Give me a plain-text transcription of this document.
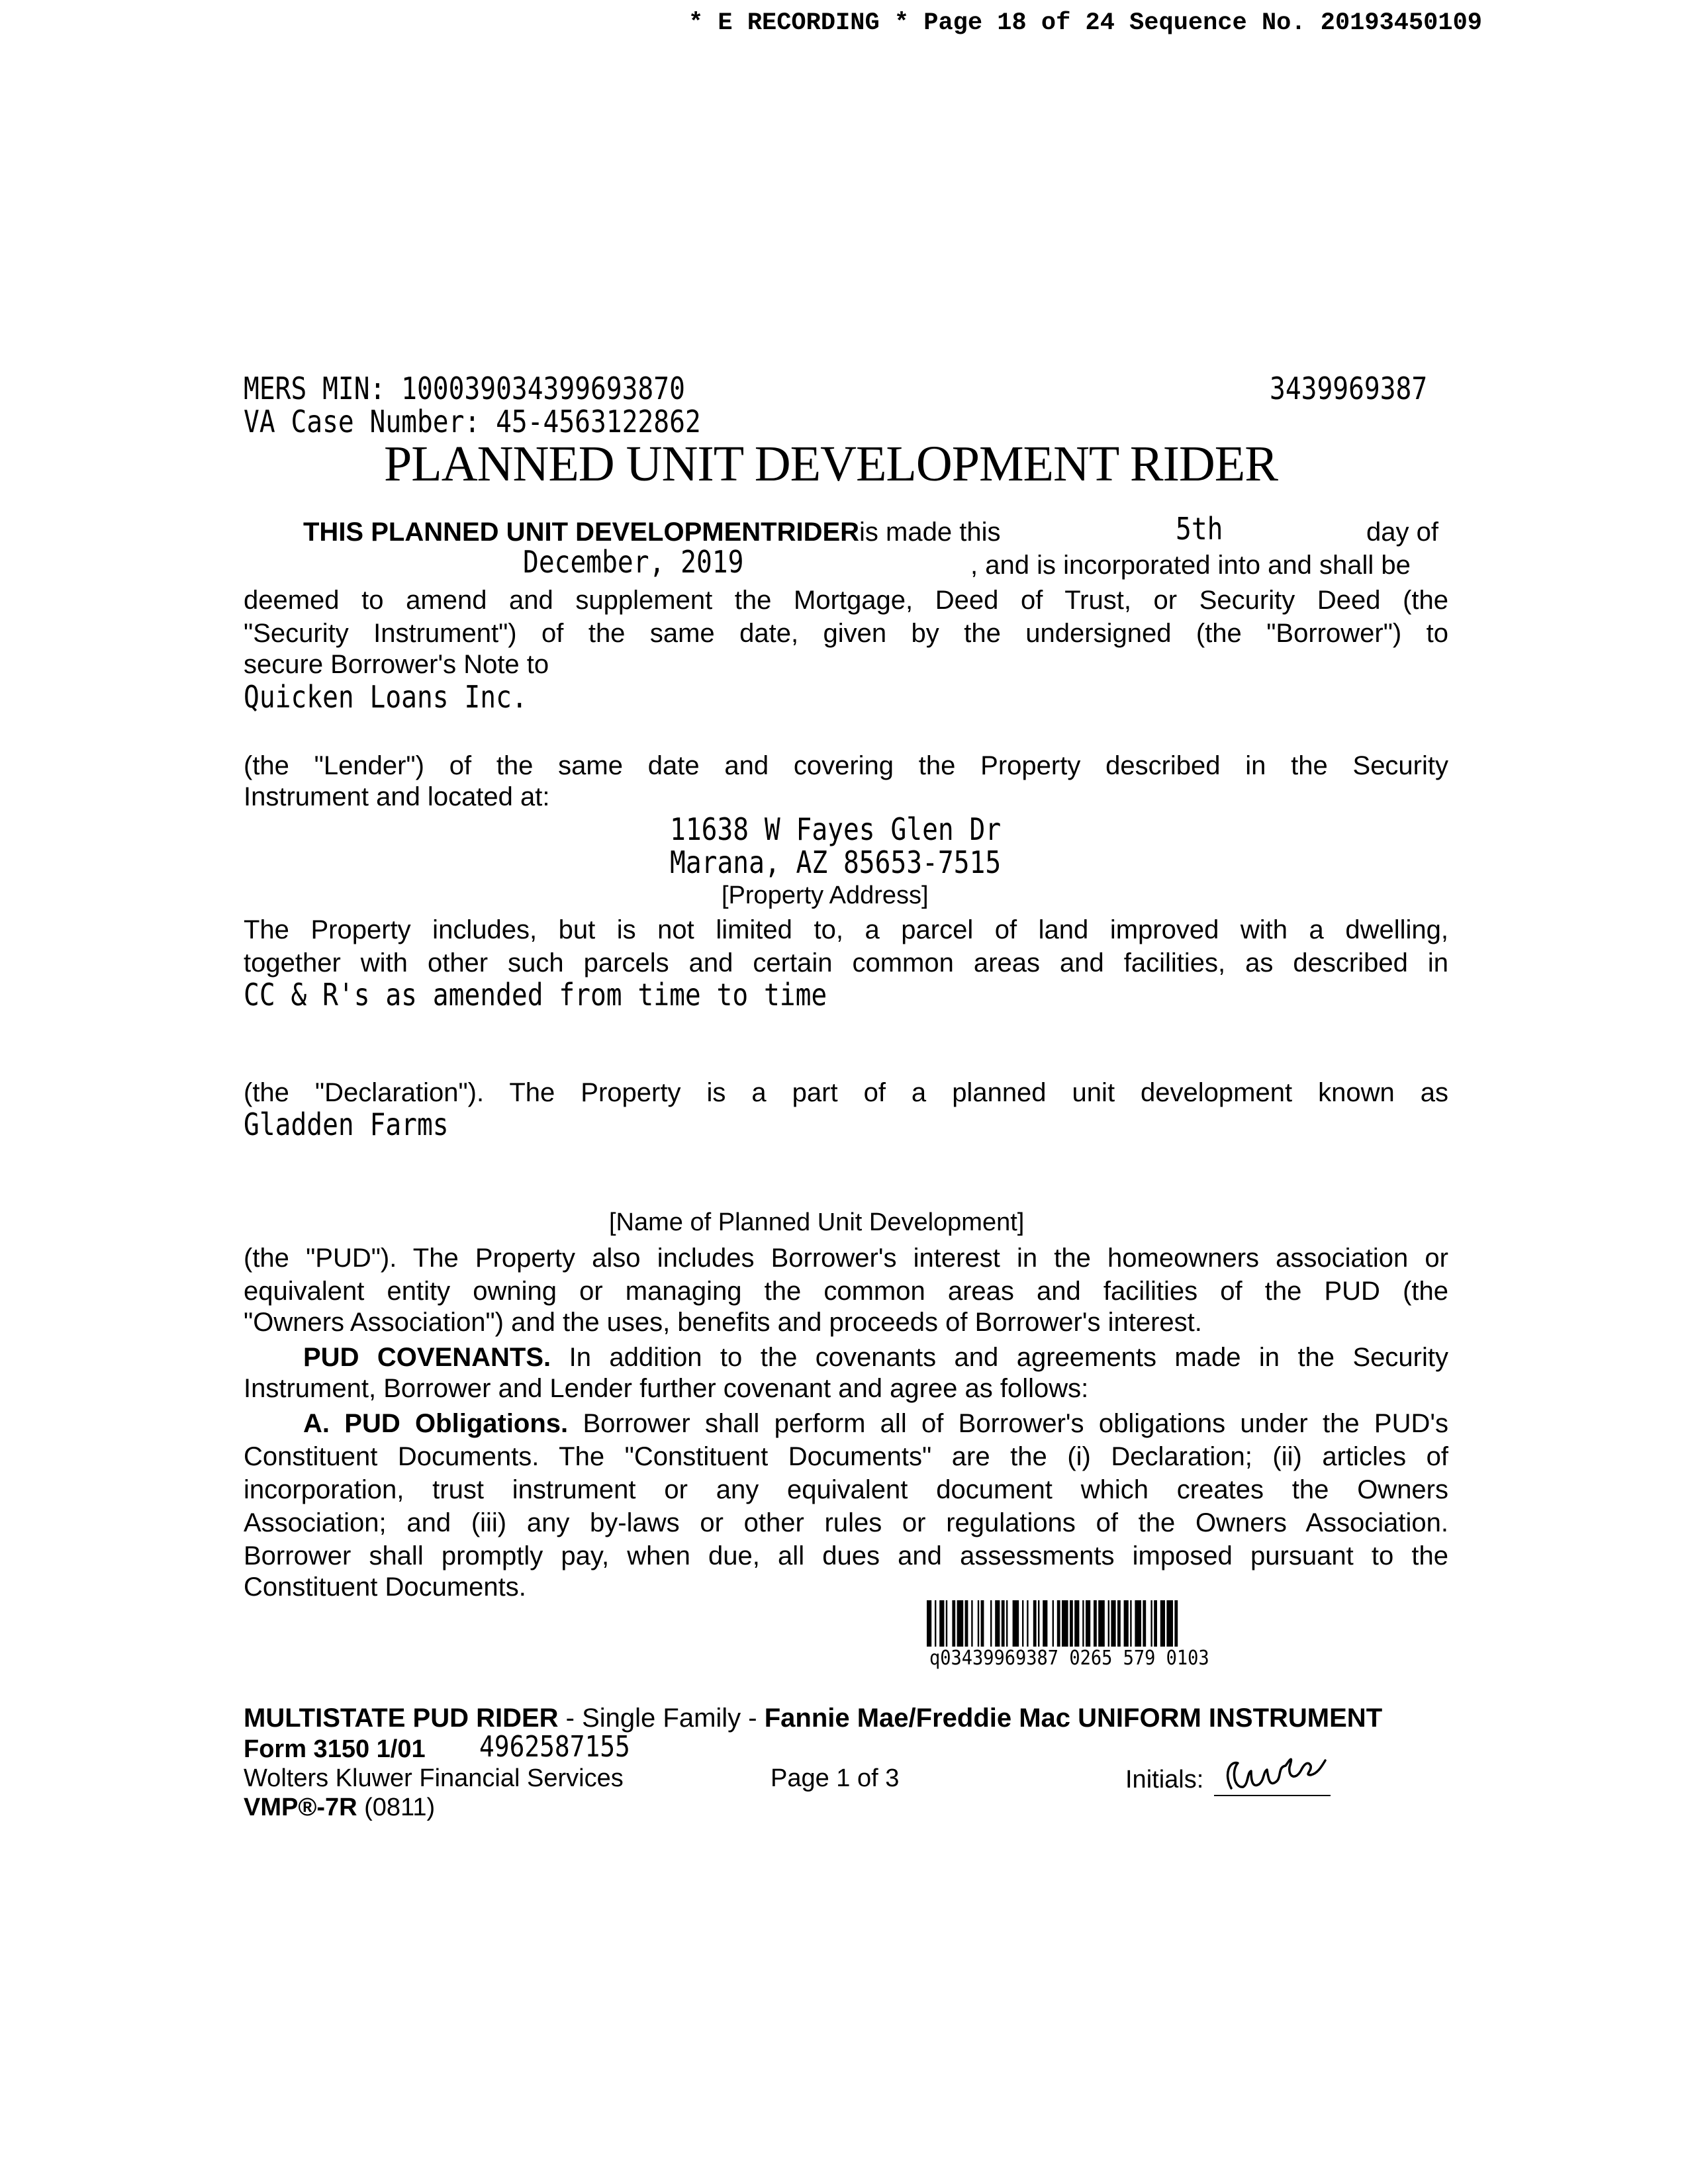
* E RECORDING * Page 18 of 24 Sequence No. 20193450109
MERS MIN: 100039034399693870	3439969387
VA Case Number: 45-4563122862
PLANNED UNIT DEVELOPMENT RIDER
THIS PLANNED UNIT DEVELOPMENTRIDERis made this	5th	day of
December, 2019	, and is incorporated into and shall be
deemed to amend and supplement the Mortgage, Deed of Trust, or Security Deed (the
"Security Instrument") of the same date, given by the undersigned (the "Borrower") to
secure Borrower's Note to
Quicken Loans Inc.
(the "Lender") of the same date and covering the Property described in the Security
Instrument and located at:
11638 W Fayes Glen Dr
Marana, AZ 85653-7515
[Property Address]
The Property includes, but is not limited to, a parcel of land improved with a dwelling,
together with other such parcels and certain common areas and facilities, as described in
CC & R's as amended from time to time
(the "Declaration"). The Property is a part of a planned unit development known as
Gladden Farms
[Name of Planned Unit Development]
(the "PUD"). The Property also includes Borrower's interest in the homeowners association or
equivalent entity owning or managing the common areas and facilities of the PUD (the
"Owners Association") and the uses, benefits and proceeds of Borrower's interest.
PUD COVENANTS. In addition to the covenants and agreements made in the Security
Instrument, Borrower and Lender further covenant and agree as follows:
A. PUD Obligations. Borrower shall perform all of Borrower's obligations under the PUD's
Constituent Documents. The "Constituent Documents" are the (i) Declaration; (ii) articles of
incorporation, trust instrument or any equivalent document which creates the Owners
Association; and (iii) any by-laws or other rules or regulations of the Owners Association.
Borrower shall promptly pay, when due, all dues and assessments imposed pursuant to the
Constituent Documents.
q03439969387 0265 579 0103
MULTISTATE PUD RIDER - Single Family - Fannie Mae/Freddie Mac UNIFORM INSTRUMENT
Form 3150 1/01 4962587155
Wolters Kluwer Financial Services	Page 1 of 3	Initials:
VMP®-7R (0811)
